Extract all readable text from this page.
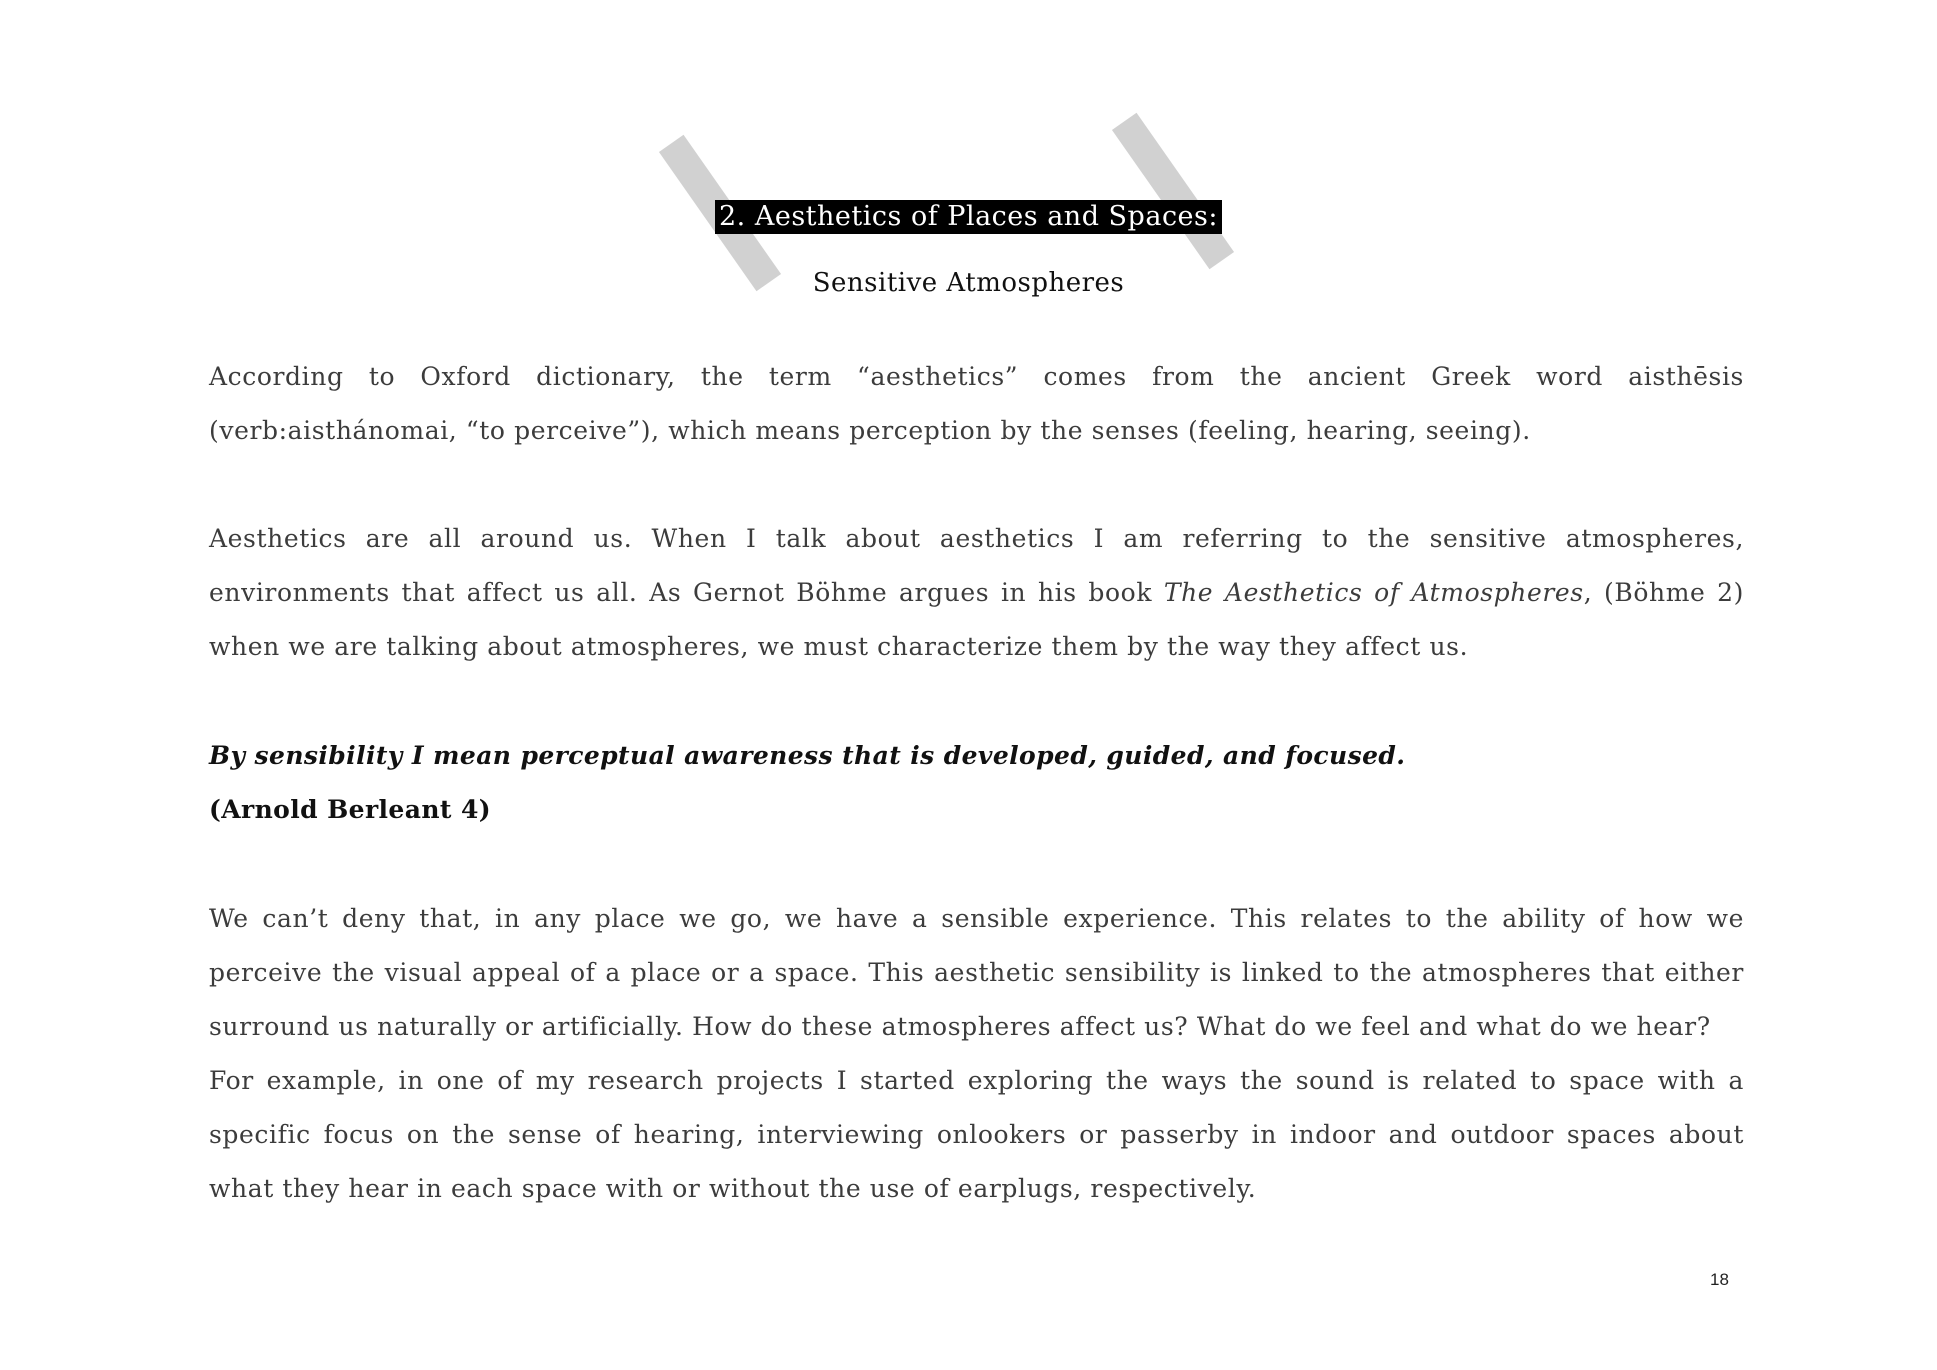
2. Aesthetics of Places and Spaces:
Sensitive Atmospheres

According to Oxford dictionary, the term “aesthetics” comes from the ancient Greek word aisthēsis (verb:aisthánomai, “to perceive”), which means perception by the senses (feeling, hearing, seeing).

Aesthetics are all around us. When I talk about aesthetics I am referring to the sensitive atmospheres, environments that affect us all. As Gernot Böhme argues in his book The Aesthetics of Atmospheres, (Böhme 2) when we are talking about atmospheres, we must characterize them by the way they affect us.

By sensibility I mean perceptual awareness that is developed, guided, and focused.
(Arnold Berleant 4)
We can’t deny that, in any place we go, we have a sensible experience. This relates to the ability of how we perceive the visual appeal of a place or a space. This aesthetic sensibility is linked to the atmospheres that either surround us naturally or artificially. How do these atmospheres affect us? What do we feel and what do we hear?
For example, in one of my research projects I started exploring the ways the sound is related to space with a specific focus on the sense of hearing, interviewing onlookers or passerby in indoor and outdoor spaces about what they hear in each space with or without the use of earplugs, respectively.
18
